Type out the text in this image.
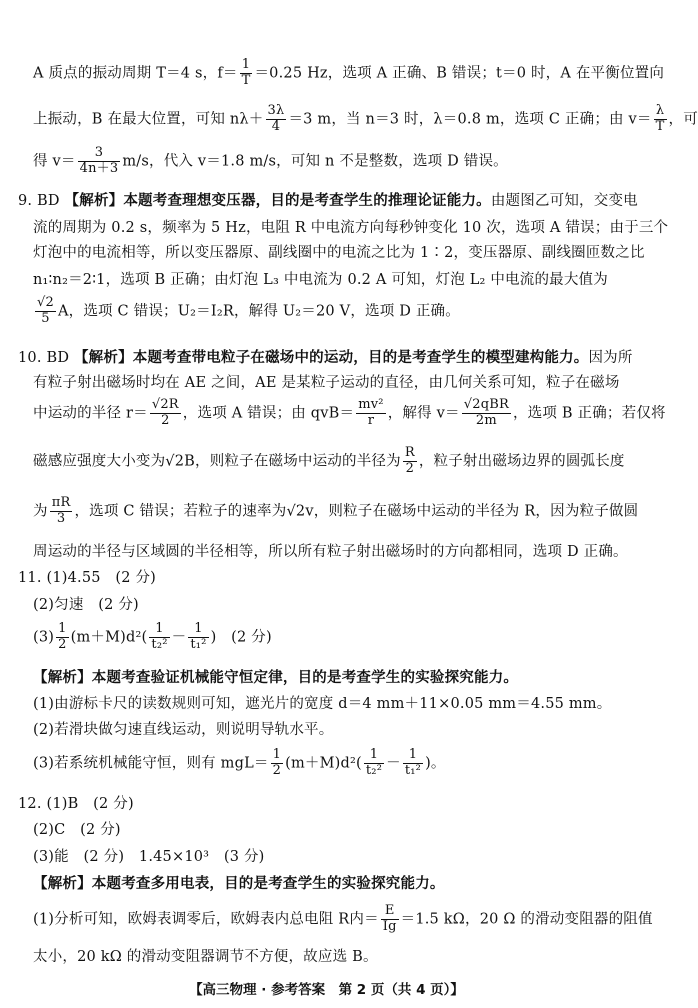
A 质点的振动周期 T＝4 s，$f= \frac{1}{T} =0.25$ Hz，选项 A 正确、B 错误；t＝0 时，A 在平衡位置向
上振动，B 在最大位置，可知 $n\lambda+ \frac{3\lambda}{4} =3$ m，当 n＝3 时，λ＝0.8 m，选项 C 正确；由 $v= \frac{\lambda}{T}$ ，可
得 $v= \frac{3}{4n+3} m/s$，代入 v＝1.8 m/s，可知 n 不是整数，选项 D 错误。
9. BD 【解析】本题考查理想变压器，目的是考查学生的推理论证能力。由题图乙可知，交变电
流的周期为 0.2 s，频率为 5 Hz，电阻 R 中电流方向每秒钟变化 10 次，选项 A 错误；由于三个
灯泡中的电流相等，所以变压器原、副线圈中的电流之比为 1∶2，变压器原、副线圈匝数之比
n₁∶n₂＝2∶1，选项 B 正确；由灯泡 L₃ 中电流为 0.2 A 可知，灯泡 L₂ 中电流的最大值为
$\frac{√2}{5}$ A，选项 C 错误；U₂＝I₂R，解得 U₂＝20 V，选项 D 正确。
10. BD 【解析】本题考查带电粒子在磁场中的运动，目的是考查学生的模型建构能力。因为所
有粒子射出磁场时均在 AE 之间，AE 是某粒子运动的直径，由几何关系可知，粒子在磁场
中运动的半径 $r= \frac{√2R}{2}$ ，选项 A 错误；由 $qvB= \frac{\text{mv²}}{r}$ ，解得 $v= \frac{\text{√2qBR}}{2m}$ ，选项 B 正确；若仅将
磁感应强度大小变为√2B，则粒子在磁场中运动的半径为 $\frac{R}{2}$ ，粒子射出磁场边界的圆弧长度
为 $\frac{\pi R}{3}$ ，选项 C 错误；若粒子的速率为√2v，则粒子在磁场中运动的半径为 R，因为粒子做圆
周运动的半径与区域圆的半径相等，所以所有粒子射出磁场时的方向都相同，选项 D 正确。
11. (1)4.55　(2 分)
(2)匀速　(2 分)
$(3) \frac{1}{2} (m+M)d^2( \frac{1}{\text{t₂²}} - \frac{1}{\text{t₁²}}$ )　(2 分)
【解析】本题考查验证机械能守恒定律，目的是考查学生的实验探究能力。
(1)由游标卡尺的读数规则可知，遮光片的宽度 d＝4 mm＋11×0.05 mm＝4.55 mm。
(2)若滑块做匀速直线运动，则说明导轨水平。
(3)若系统机械能守恒，则有 $mgL= \frac{1}{2} (m+M)d^2( \frac{1}{\text{t₂²}} - \frac{1}{\text{t₁²}}$ )。
12. (1)B　(2 分)
(2)C　(2 分)
(3)能　(2 分)　1.45×10³　(3 分)
【解析】本题考查多用电表，目的是考查学生的实验探究能力。
(1)分析可知，欧姆表调零后，欧姆表内总电阻 R内＝ $\frac{E}{Ig} =1.5$ kΩ，20 Ω 的滑动变阻器的阻值
太小，20 kΩ 的滑动变阻器调节不方便，故应选 B。
【高三物理 · 参考答案　第 2 页（共 4 页）】
